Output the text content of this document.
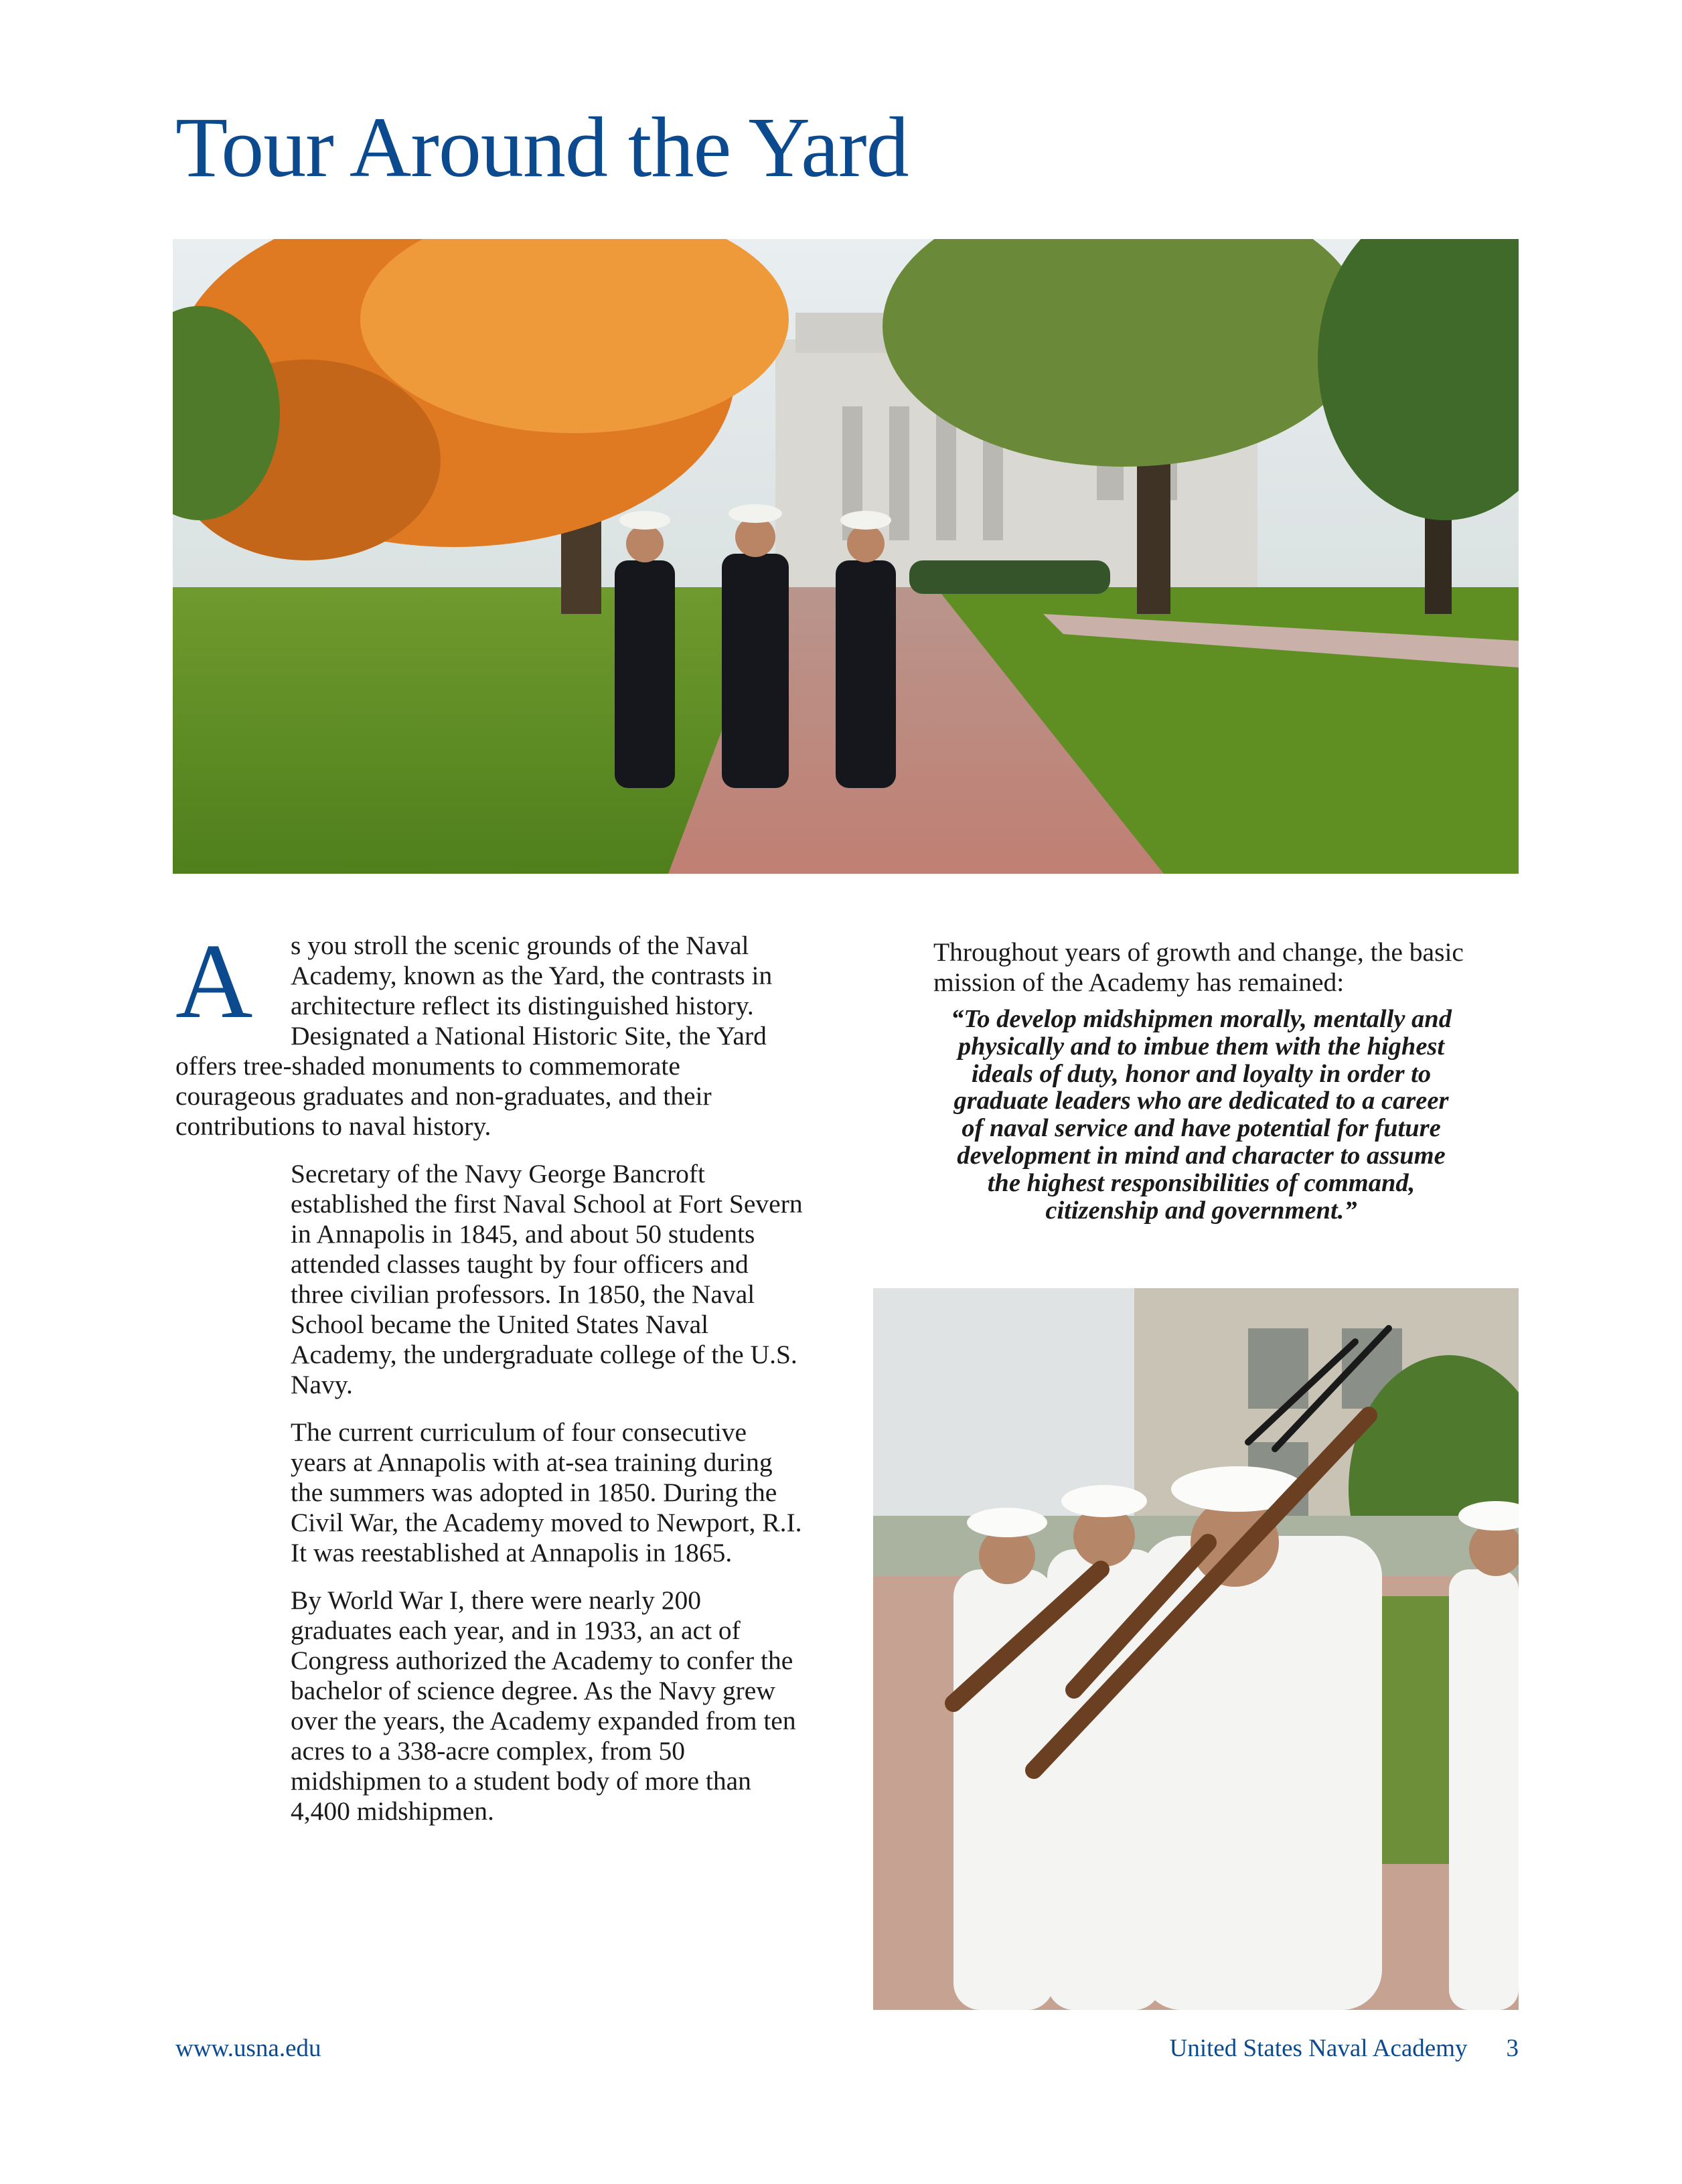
Tour Around the Yard

A	s you stroll the scenic grounds of the Naval Academy, known as the Yard, the contrasts in architecture reflect its distinguished history. Designated a National Historic Site, the Yard offers tree-shaded monuments to commemorate courageous graduates and non-graduates, and their contributions to naval history.

Secretary of the Navy George Bancroft established the first Naval School at Fort Severn in Annapolis in 1845, and about 50 students attended classes taught by four officers and three civilian professors. In 1850, the Naval School became the United States Naval Academy, the undergraduate college of the U.S. Navy.

The current curriculum of four consecutive years at Annapolis with at-sea training during the summers was adopted in 1850. During the Civil War, the Academy moved to Newport, R.I. It was reestablished at Annapolis in 1865.

By World War I, there were nearly 200 graduates each year, and in 1933, an act of Congress authorized the Academy to confer the bachelor of science degree. As the Navy grew over the years, the Academy expanded from ten acres to a 338-acre complex, from 50 midshipmen to a student body of more than 4,400 midshipmen.

Throughout years of growth and change, the basic mission of the Academy has remained:

“To develop midshipmen morally, mentally and physically and to imbue them with the highest ideals of duty, honor and loyalty in order to graduate leaders who are dedicated to a career of naval service and have potential for future development in mind and character to assume the highest responsibilities of command, citizenship and government.”

www.usna.edu	United States Naval Academy 3
